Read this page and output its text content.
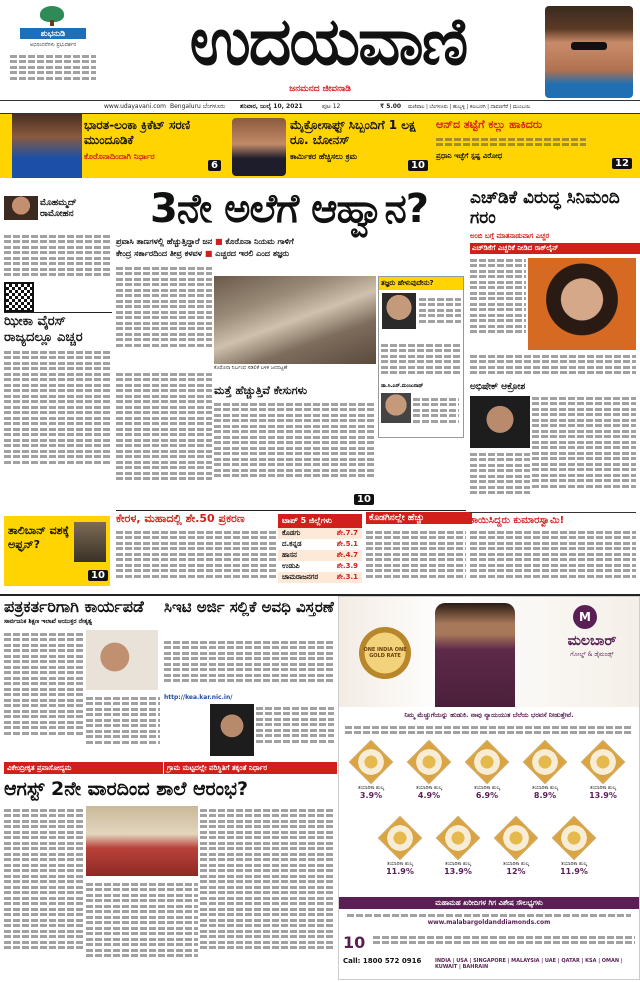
ಶುಭನುಡಿ
ಅಭಿನಂದನೆಗಳು ಪ್ರಭುದರ್ಶನ	ಉದಯವಾಣಿ
ಜನಮನದ ಜೀವನಾಡಿ
www.udayavani.com Bengaluru ಬೆಂಗಳೂರು ಶನಿವಾರ, ಜುಲೈ 10, 2021	ಪುಟ 12	₹ 5.00 ಮಣಿಪಾಲ | ಬೆಂಗಳೂರು | ಹುಬ್ಬಳ್ಳಿ | ಕಲಬುರಗಿ | ದಾವಣಗೆರೆ | ಮುಂಬಯಿ
ಭಾರತ-ಲಂಕಾ ಕ್ರಿಕೆಟ್ ಸರಣಿ ಮುಂದೂಡಿಕೆ
ಕೊರೊನಾದಿಂದಾಗಿ ನಿರ್ಧಾರ
6
ಮೈಕ್ರೋಸಾಫ್ಟ್ ಸಿಬ್ಬಂದಿಗೆ 1 ಲಕ್ಷ ರೂ. ಬೋನಸ್
ಕಾರ್ಮಿಕರ ಹೆಚ್ಚಿಸಲು ಕ್ರಮ
10
ಆನ್‌ದ ತಟ್ಟೆಗೆ ಕಲ್ಲು ಹಾಕಿದರು
ಪ್ರಧಾನಿ ಇಚ್ಛೆಗೆ ಸ್ಪಷ್ಟ ವಿರೋಧ
12
ಮೊಹಮ್ಮದ್ ರಾಮೋಹನ
ಝೀಕಾ ವೈರಸ್ ರಾಜ್ಯದಲ್ಲೂ ಎಚ್ಚರ
ತಾಲಿಬಾನ್ ವಶಕ್ಕೆ ಅಫ್ಘನ್?
10
3ನೇ ಅಲೆಗೆ ಆಹ್ವಾನ?
ಪ್ರವಾಸಿ ತಾಣಗಳಲ್ಲಿ ಹೆಚ್ಚುತ್ತಿದ್ದಾರೆ ಜನ ■ ಕೊರೊನಾ ನಿಯಮ ಗಾಳಿಗೆ
ಕೇಂದ್ರ ಸರ್ಕಾರದಿಂದ ತೀವ್ರ ಕಳವಳ ■ ಎಚ್ಚರದ ಇರಲಿ ಎಂದ ತಜ್ಞರು
ಕೊರೊನಾ ನಿರ್ಬಂಧ ಸಡಿಲಿಕೆ ಬಳಿಕ ಜನದಟ್ಟಣೆ
ತಜ್ಞರು ಹೇಳುವುದೇನು?
ಡಾ.ಸಿ.ಎನ್.ಮಂಜುನಾಥ್
ಮತ್ತೆ ಹೆಚ್ಚುತ್ತಿವೆ ಕೇಸುಗಳು
10
ಕೇರಳ, ಮಹಾದಲ್ಲಿ ಶೇ.50 ಪ್ರಕರಣ	ಟಾಪ್ 5 ಜಿಲ್ಲೆಗಳು
ಕೊಡಗು	ಶೇ.7.7
ದ.ಕನ್ನಡ	ಶೇ.5.1
ಹಾಸನ	ಶೇ.4.7
ಉಡುಪಿ	ಶೇ.3.9
ಚಾಮರಾಜನಗರ	ಶೇ.3.1
ಕೊಡಗಿನಲ್ಲೇ ಹೆಚ್ಚು
ಎಚ್‌ಡಿಕೆ ವಿರುದ್ಧ ಸಿನಿಮಂದಿ ಗರಂ
ಅಂಬಿ ಬಗ್ಗೆ ಮಾತನಾಡುವಾಗ ಎಚ್ಚರ
ಎಚ್‌ಡಿಕೆಗೆ ಎಚ್ಚರಿಕೆ ನೀಡಿದ ರಾಕ್‌ಲೈನ್
ಅಭಿಷೇಕ್ ಆಕ್ರೋಶ
ಕಾಯಿಸಿದ್ದರು ಕುಮಾರಸ್ವಾಮಿ!
ಪತ್ರಕರ್ತರಿಗಾಗಿ ಕಾರ್ಯಪಡೆ
ಸಾರ್ವಜನಿಕ ಶಿಕ್ಷಣ ಇಲಾಖೆ ಆಯುಕ್ತರ ನೇತೃತ್ವ
ಸಿಇಟಿ ಅರ್ಜಿ ಸಲ್ಲಿಕೆ ಅವಧಿ ವಿಸ್ತರಣೆ
http://kea.kar.nic.in/
ವಿಕೇಂದ್ರೀಕೃತ ಪ್ರವಾಸೋದ್ಯಮ	ಗ್ರಾಮ ಮಟ್ಟದಲ್ಲೇ ಪರಿಸ್ಥಿತಿಗೆ ತಕ್ಕಂತೆ ನಿರ್ಧಾರ
ಆಗಸ್ಟ್ 2ನೇ ವಾರದಿಂದ ಶಾಲೆ ಆರಂಭ?
ONE INDIA ONE GOLD RATE
M
ಮಲಬಾರ್
ಗೋಲ್ಡ್ & ಡೈಮಂಡ್ಸ್
ನಿಮ್ಮ ಮೆಚ್ಚುಗೆಯನ್ನು ಹುಡುಕಿ. ನಾವು ನ್ಯಾಯಯುತ ಬೆಲೆಯ ಭರವಸೆ ನೀಡುತ್ತೇವೆ.
ತಯಾರಿಕಾ ಶುಲ್ಕ
3.9%
ತಯಾರಿಕಾ ಶುಲ್ಕ
4.9%
ತಯಾರಿಕಾ ಶುಲ್ಕ
6.9%
ತಯಾರಿಕಾ ಶುಲ್ಕ
8.9%
ತಯಾರಿಕಾ ಶುಲ್ಕ
13.9%
ತಯಾರಿಕಾ ಶುಲ್ಕ
11.9%
ತಯಾರಿಕಾ ಶುಲ್ಕ
13.9%
ತಯಾರಿಕಾ ಶುಲ್ಕ
12%
ತಯಾರಿಕಾ ಶುಲ್ಕ
11.9%
ಮಹಾಮಹ ಖರೀದಿಗಳ ಗಿಗ ವಿಶೇಷ ಸೌಲಭ್ಯಗಳು
www.malabargoldanddiamonds.com
10
Call: 1800 572 0916	INDIA | USA | SINGAPORE | MALAYSIA | UAE | QATAR | KSA | OMAN | KUWAIT | BAHRAIN
